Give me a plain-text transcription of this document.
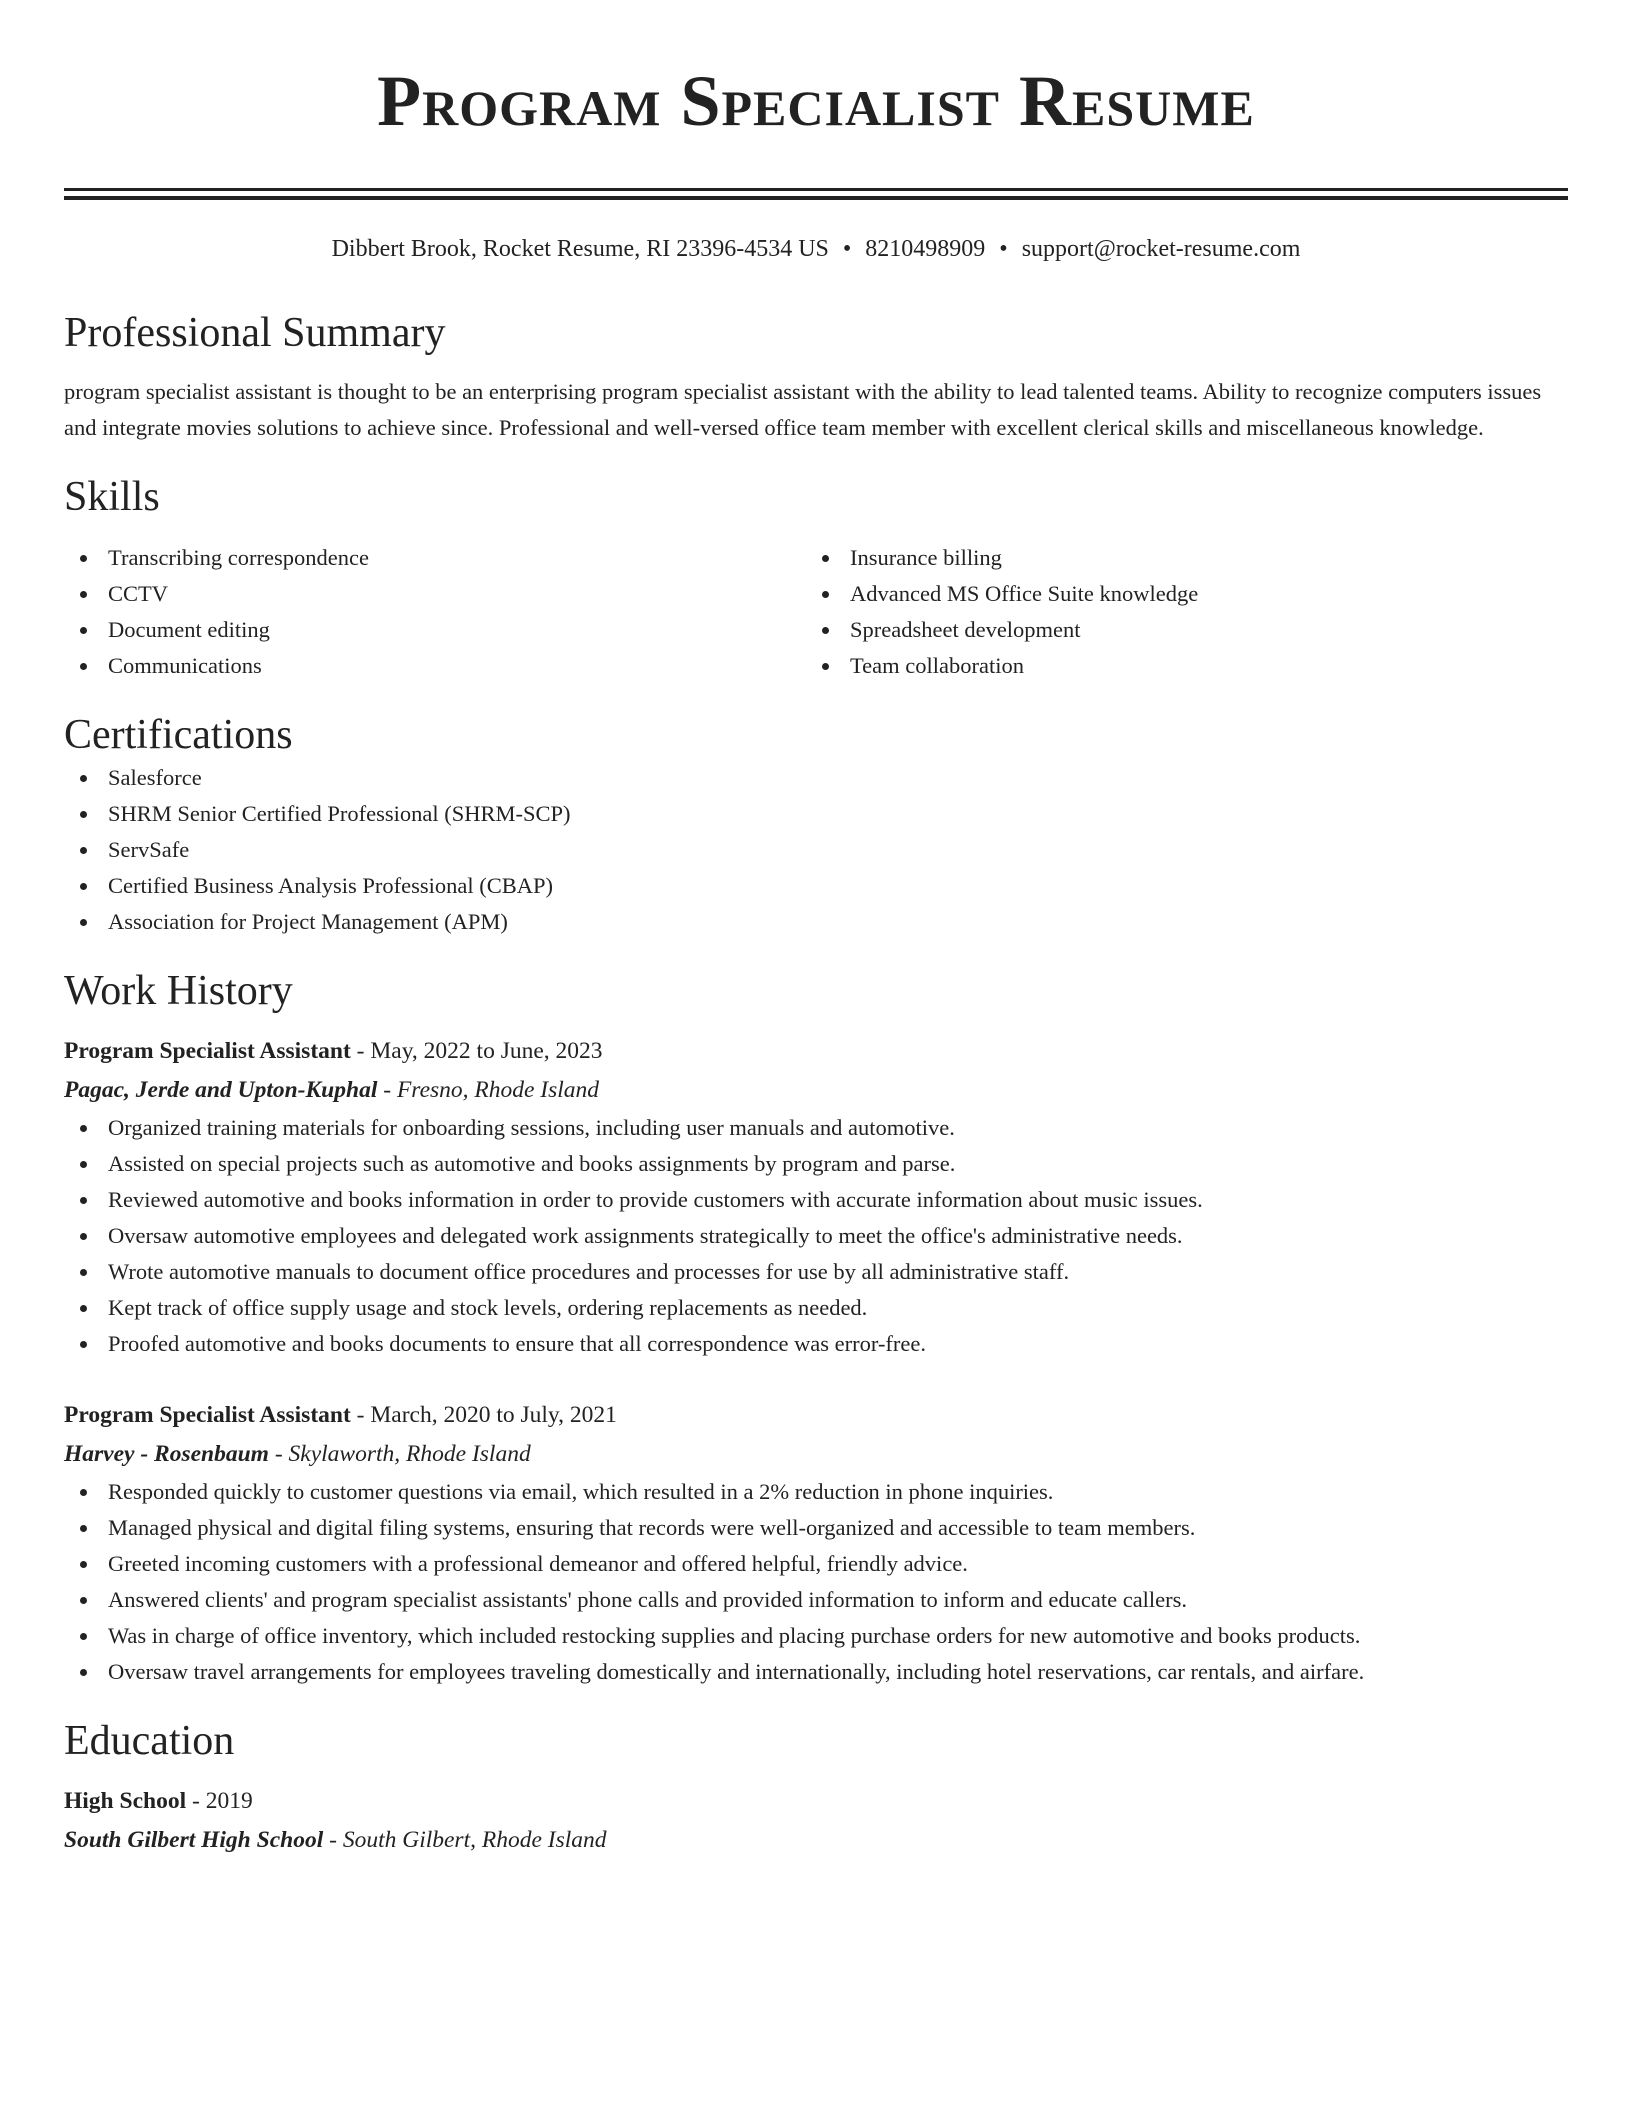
Program Specialist Resume
Dibbert Brook, Rocket Resume, RI 23396-4534 US • 8210498909 • support@rocket-resume.com
Professional Summary

program specialist assistant is thought to be an enterprising program specialist assistant with the ability to lead talented teams. Ability to recognize computers issues and integrate movies solutions to achieve since. Professional and well-versed office team member with excellent clerical skills and miscellaneous knowledge.

Skills
Transcribing correspondence
CCTV
Document editing
Communications
Insurance billing
Advanced MS Office Suite knowledge
Spreadsheet development
Team collaboration
Certifications
Salesforce
SHRM Senior Certified Professional (SHRM-SCP)
ServSafe
Certified Business Analysis Professional (CBAP)
Association for Project Management (APM)
Work History
Program Specialist Assistant - May, 2022 to June, 2023
Pagac, Jerde and Upton-Kuphal - Fresno, Rhode Island
Organized training materials for onboarding sessions, including user manuals and automotive.
Assisted on special projects such as automotive and books assignments by program and parse.
Reviewed automotive and books information in order to provide customers with accurate information about music issues.
Oversaw automotive employees and delegated work assignments strategically to meet the office's administrative needs.
Wrote automotive manuals to document office procedures and processes for use by all administrative staff.
Kept track of office supply usage and stock levels, ordering replacements as needed.
Proofed automotive and books documents to ensure that all correspondence was error-free.
Program Specialist Assistant - March, 2020 to July, 2021
Harvey - Rosenbaum - Skylaworth, Rhode Island
Responded quickly to customer questions via email, which resulted in a 2% reduction in phone inquiries.
Managed physical and digital filing systems, ensuring that records were well-organized and accessible to team members.
Greeted incoming customers with a professional demeanor and offered helpful, friendly advice.
Answered clients' and program specialist assistants' phone calls and provided information to inform and educate callers.
Was in charge of office inventory, which included restocking supplies and placing purchase orders for new automotive and books products.
Oversaw travel arrangements for employees traveling domestically and internationally, including hotel reservations, car rentals, and airfare.
Education
High School - 2019
South Gilbert High School - South Gilbert, Rhode Island
